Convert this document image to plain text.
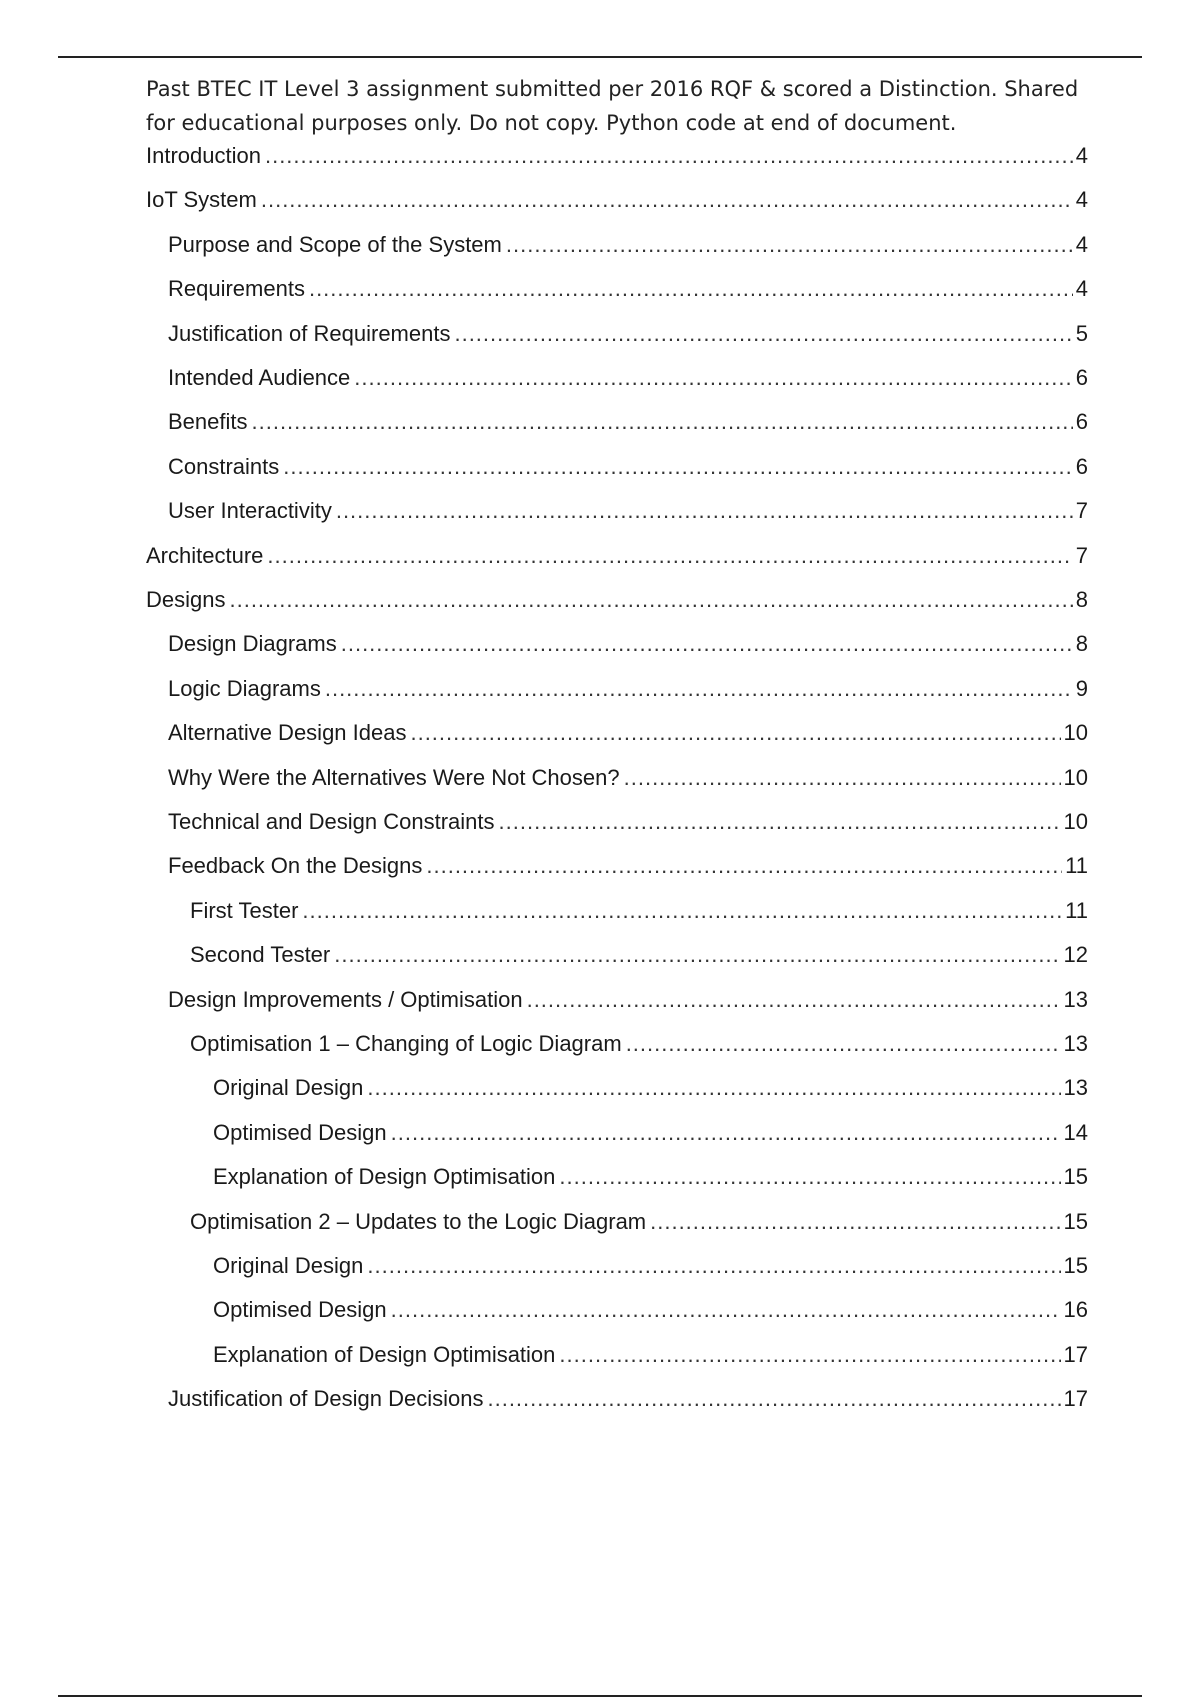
Past BTEC IT Level 3 assignment submitted per 2016 RQF & scored a Distinction. Shared

for educational purposes only. Do not copy. Python code at end of document.

Introduction .....	4
IoT System .....	4
Purpose and Scope of the System .....	4
Requirements .....	4
Justification of Requirements .....	5
Intended Audience .....	6
Benefits .....	6
Constraints .....	6
User Interactivity .....	7
Architecture .....	7
Designs .....	8
Design Diagrams .....	8
Logic Diagrams .....	9
Alternative Design Ideas .....	10
Why Were the Alternatives Were Not Chosen? .....	10
Technical and Design Constraints .....	10
Feedback On the Designs .....	11
First Tester .....	11
Second Tester .....	12
Design Improvements / Optimisation .....	13
Optimisation 1 – Changing of Logic Diagram .....	13
Original Design .....	13
Optimised Design .....	14
Explanation of Design Optimisation .....	15
Optimisation 2 – Updates to the Logic Diagram .....	15
Original Design .....	15
Optimised Design .....	16
Explanation of Design Optimisation .....	17
Justification of Design Decisions .....	17
